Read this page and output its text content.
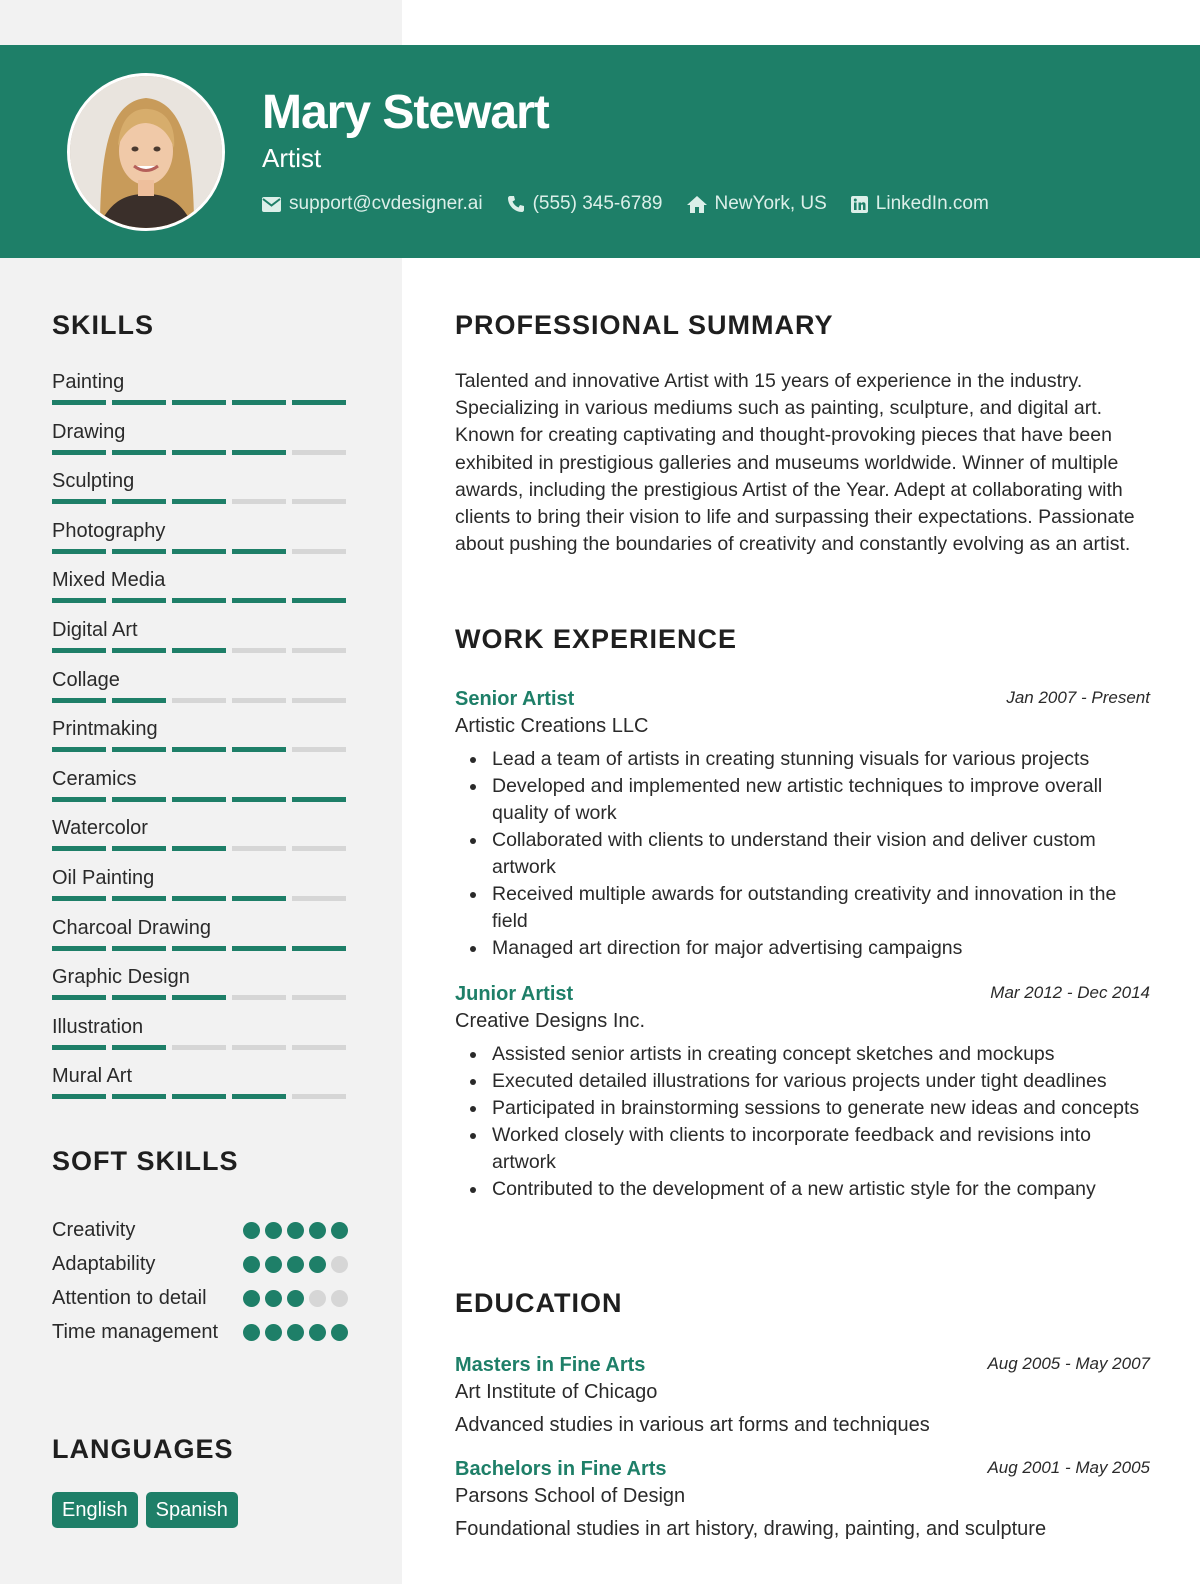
Mary Stewart
Artist
support@cvdesigner.ai	(555) 345-6789	NewYork, US	LinkedIn.com
SKILLS
Painting
Drawing
Sculpting
Photography
Mixed Media
Digital Art
Collage
Printmaking
Ceramics
Watercolor
Oil Painting
Charcoal Drawing
Graphic Design
Illustration
Mural Art
SOFT SKILLS
Creativity
Adaptability
Attention to detail
Time management
LANGUAGES
English	Spanish
PROFESSIONAL SUMMARY
Talented and innovative Artist with 15 years of experience in the industry. Specializing in various mediums such as painting, sculpture, and digital art. Known for creating captivating and thought-provoking pieces that have been exhibited in prestigious galleries and museums worldwide. Winner of multiple awards, including the prestigious Artist of the Year. Adept at collaborating with clients to bring their vision to life and surpassing their expectations. Passionate about pushing the boundaries of creativity and constantly evolving as an artist.
WORK EXPERIENCE
Senior Artist	Jan 2007 - Present
Artistic Creations LLC
Lead a team of artists in creating stunning visuals for various projects
Developed and implemented new artistic techniques to improve overall quality of work
Collaborated with clients to understand their vision and deliver custom artwork
Received multiple awards for outstanding creativity and innovation in the field
Managed art direction for major advertising campaigns
Junior Artist	Mar 2012 - Dec 2014
Creative Designs Inc.
Assisted senior artists in creating concept sketches and mockups
Executed detailed illustrations for various projects under tight deadlines
Participated in brainstorming sessions to generate new ideas and concepts
Worked closely with clients to incorporate feedback and revisions into artwork
Contributed to the development of a new artistic style for the company
EDUCATION
Masters in Fine Arts	Aug 2005 - May 2007
Art Institute of Chicago
Advanced studies in various art forms and techniques
Bachelors in Fine Arts	Aug 2001 - May 2005
Parsons School of Design
Foundational studies in art history, drawing, painting, and sculpture
